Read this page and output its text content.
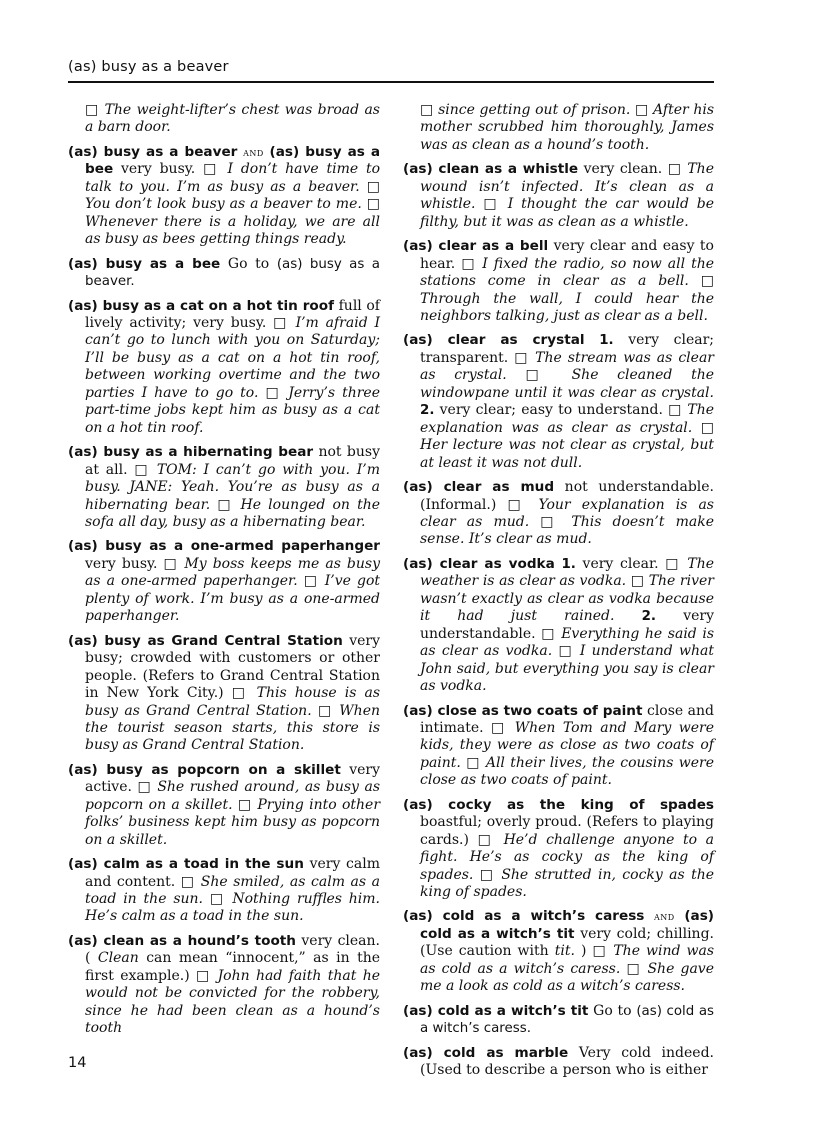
(as) busy as a beaver

□ The weight-lifter’s chest was broad as a barn door.

(as) busy as a beaver and (as) busy as a bee very busy. □ I don’t have time to talk to you. I’m as busy as a beaver. □ You don’t look busy as a beaver to me. □ Whenever there is a holiday, we are all as busy as bees getting things ready.

(as) busy as a bee Go to (as) busy as a beaver.

(as) busy as a cat on a hot tin roof full of lively activity; very busy. □ I’m afraid I can’t go to lunch with you on Saturday; I’ll be busy as a cat on a hot tin roof, between working overtime and the two parties I have to go to. □ Jerry’s three part-time jobs kept him as busy as a cat on a hot tin roof.

(as) busy as a hibernating bear not busy at all. □ TOM: I can’t go with you. I’m busy. JANE: Yeah. You’re as busy as a hibernating bear. □ He lounged on the sofa all day, busy as a hibernating bear.

(as) busy as a one-armed paperhanger very busy. □ My boss keeps me as busy as a one-armed paperhanger. □ I’ve got plenty of work. I’m busy as a one-armed paperhanger.

(as) busy as Grand Central Station very busy; crowded with customers or other people. (Refers to Grand Central Station in New York City.) □ This house is as busy as Grand Central Station. □ When the tourist season starts, this store is busy as Grand Central Station.

(as) busy as popcorn on a skillet very active. □ She rushed around, as busy as popcorn on a skillet. □ Prying into other folks’ business kept him busy as popcorn on a skillet.

(as) calm as a toad in the sun very calm and content. □ She smiled, as calm as a toad in the sun. □ Nothing ruffles him. He’s calm as a toad in the sun.

(as) clean as a hound’s tooth very clean. ( Clean can mean “innocent,” as in the first example.) □ John had faith that he would not be convicted for the robbery, since he had been clean as a hound’s tooth

□ since getting out of prison. □ After his mother scrubbed him thoroughly, James was as clean as a hound’s tooth.

(as) clean as a whistle very clean. □ The wound isn’t infected. It’s clean as a whistle. □ I thought the car would be filthy, but it was as clean as a whistle.

(as) clear as a bell very clear and easy to hear. □ I fixed the radio, so now all the stations come in clear as a bell. □ Through the wall, I could hear the neighbors talking, just as clear as a bell.

(as) clear as crystal 1. very clear; transparent. □ The stream was as clear as crystal. □ She cleaned the windowpane until it was clear as crystal. 2. very clear; easy to understand. □ The explanation was as clear as crystal. □ Her lecture was not clear as crystal, but at least it was not dull.

(as) clear as mud not understandable. (Informal.) □ Your explanation is as clear as mud. □ This doesn’t make sense. It’s clear as mud.

(as) clear as vodka 1. very clear. □ The weather is as clear as vodka. □ The river wasn’t exactly as clear as vodka because it had just rained. 2. very understandable. □ Everything he said is as clear as vodka. □ I understand what John said, but everything you say is clear as vodka.

(as) close as two coats of paint close and intimate. □ When Tom and Mary were kids, they were as close as two coats of paint. □ All their lives, the cousins were close as two coats of paint.

(as) cocky as the king of spades boastful; overly proud. (Refers to playing cards.) □ He’d challenge anyone to a fight. He’s as cocky as the king of spades. □ She strutted in, cocky as the king of spades.

(as) cold as a witch’s caress and (as) cold as a witch’s tit very cold; chilling. (Use caution with tit. ) □ The wind was as cold as a witch’s caress. □ She gave me a look as cold as a witch’s caress.

(as) cold as a witch’s tit Go to (as) cold as a witch’s caress.

(as) cold as marble Very cold indeed. (Used to describe a person who is either

14
